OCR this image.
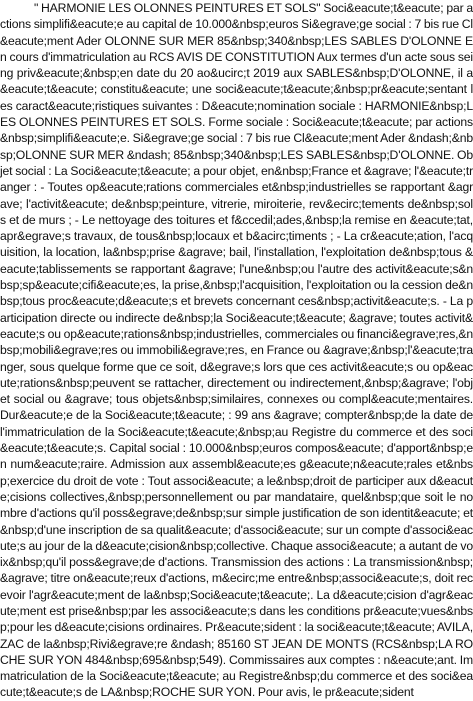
" HARMONIE LES OLONNES PEINTURES ET SOLS" Soci&eacute;t&eacute; par actions simplifi&eacute;e au capital de 10.000&nbsp;euros Si&egrave;ge social : 7 bis rue Cl&eacute;ment Ader OLONNE SUR MER 85&nbsp;340&nbsp;LES SABLES D'OLONNE En cours d'immatriculation au RCS AVIS DE CONSTITUTION Aux termes d'un acte sous seing priv&eacute;&nbsp;en date du 20 ao&ucirc;t 2019 aux SABLES&nbsp;D'OLONNE, il a &eacute;t&eacute; constitu&eacute; une soci&eacute;t&eacute;&nbsp;pr&eacute;sentant les caract&eacute;ristiques suivantes : D&eacute;nomination sociale : HARMONIE&nbsp;LES OLONNES PEINTURES ET SOLS. Forme sociale : Soci&eacute;t&eacute; par actions&nbsp;simplifi&eacute;e. Si&egrave;ge social : 7 bis rue Cl&eacute;ment Ader &ndash;&nbsp;OLONNE SUR MER &ndash; 85&nbsp;340&nbsp;LES SABLES&nbsp;D'OLONNE. Objet social : La Soci&eacute;t&eacute; a pour objet, en&nbsp;France et &agrave; l'&eacute;tranger : - Toutes op&eacute;rations commerciales et&nbsp;industrielles se rapportant &agrave; l'activit&eacute; de&nbsp;peinture, vitrerie, miroiterie, rev&ecirc;tements de&nbsp;sols et de murs ; - Le nettoyage des toitures et f&ccedil;ades,&nbsp;la remise en &eacute;tat, apr&egrave;s travaux, de tous&nbsp;locaux et b&acirc;timents ; - La cr&eacute;ation, l'acquisition, la location, la&nbsp;prise &agrave; bail, l'installation, l'exploitation de&nbsp;tous &eacute;tablissements se rapportant &agrave; l'une&nbsp;ou l'autre des activit&eacute;s&nbsp;sp&eacute;cifi&eacute;es, la prise,&nbsp;l'acquisition, l'exploitation ou la cession de&nbsp;tous proc&eacute;d&eacute;s et brevets concernant ces&nbsp;activit&eacute;s. - La participation directe ou indirecte de&nbsp;la Soci&eacute;t&eacute; &agrave; toutes activit&eacute;s ou op&eacute;rations&nbsp;industrielles, commerciales ou financi&egrave;res,&nbsp;mobili&egrave;res ou immobili&egrave;res, en France ou &agrave;&nbsp;l'&eacute;tranger, sous quelque forme que ce soit, d&egrave;s lors que ces activit&eacute;s ou op&eacute;rations&nbsp;peuvent se rattacher, directement ou indirectement,&nbsp;&agrave; l'objet social ou &agrave; tous objets&nbsp;similaires, connexes ou compl&eacute;mentaires. Dur&eacute;e de la Soci&eacute;t&eacute; : 99 ans &agrave; compter&nbsp;de la date de l'immatriculation de la Soci&eacute;t&eacute;&nbsp;au Registre du commerce et des soci&eacute;t&eacute;s. Capital social : 10.000&nbsp;euros compos&eacute; d'apport&nbsp;en num&eacute;raire. Admission aux assembl&eacute;es g&eacute;n&eacute;rales et&nbsp;exercice du droit de vote : Tout associ&eacute; a le&nbsp;droit de participer aux d&eacute;cisions collectives,&nbsp;personnellement ou par mandataire, quel&nbsp;que soit le nombre d'actions qu'il poss&egrave;de&nbsp;sur simple justification de son identit&eacute; et&nbsp;d'une inscription de sa qualit&eacute; d'associ&eacute; sur un compte d'associ&eacute;s au jour de la d&eacute;cision&nbsp;collective. Chaque associ&eacute; a autant de voix&nbsp;qu'il poss&egrave;de d'actions. Transmission des actions : La transmission&nbsp;&agrave; titre on&eacute;reux d'actions, m&ecirc;me entre&nbsp;associ&eacute;s, doit recevoir l'agr&eacute;ment de la&nbsp;Soci&eacute;t&eacute;. La d&eacute;cision d'agr&eacute;ment est prise&nbsp;par les associ&eacute;s dans les conditions pr&eacute;vues&nbsp;pour les d&eacute;cisions ordinaires. Pr&eacute;sident : la soci&eacute;t&eacute; AVILA, ZAC de la&nbsp;Rivi&egrave;re &ndash; 85160 ST JEAN DE MONTS (RCS&nbsp;LA ROCHE SUR YON 484&nbsp;695&nbsp;549). Commissaires aux comptes : n&eacute;ant. Immatriculation de la Soci&eacute;t&eacute; au Registre&nbsp;du commerce et des soci&eacute;t&eacute;s de LA&nbsp;ROCHE SUR YON. Pour avis, le pr&eacute;sident
